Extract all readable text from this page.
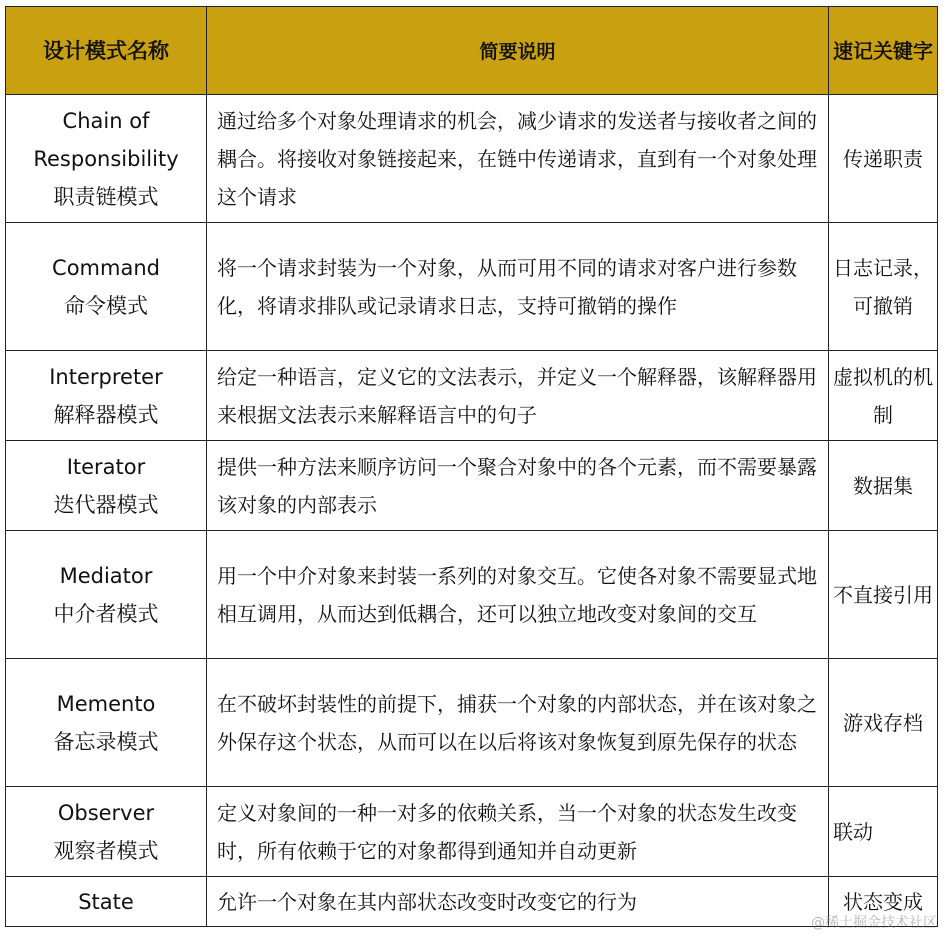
设计模式名称	简要说明	速记关键字

Chain of Responsibility
职责链模式	通过给多个对象处理请求的机会，减少请求的发送者与接收者之间的耦合。将接收对象链接起来，在链中传递请求，直到有一个对象处理这个请求	传递职责

Command
命令模式	将一个请求封装为一个对象，从而可用不同的请求对客户进行参数化，将请求排队或记录请求日志，支持可撤销的操作	日志记录，可撤销

Interpreter
解释器模式	给定一种语言，定义它的文法表示，并定义一个解释器，该解释器用来根据文法表示来解释语言中的句子	虚拟机的机制

Iterator
迭代器模式	提供一种方法来顺序访问一个聚合对象中的各个元素，而不需要暴露该对象的内部表示	数据集

Mediator
中介者模式	用一个中介对象来封装一系列的对象交互。它使各对象不需要显式地相互调用，从而达到低耦合，还可以独立地改变对象间的交互	不直接引用

Memento
备忘录模式	在不破坏封装性的前提下，捕获一个对象的内部状态，并在该对象之外保存这个状态，从而可以在以后将该对象恢复到原先保存的状态	游戏存档

Observer
观察者模式	定义对象间的一种一对多的依赖关系，当一个对象的状态发生改变时，所有依赖于它的对象都得到通知并自动更新	联动

State	允许一个对象在其内部状态改变时改变它的行为	状态变成
@稀土掘金技术社区
